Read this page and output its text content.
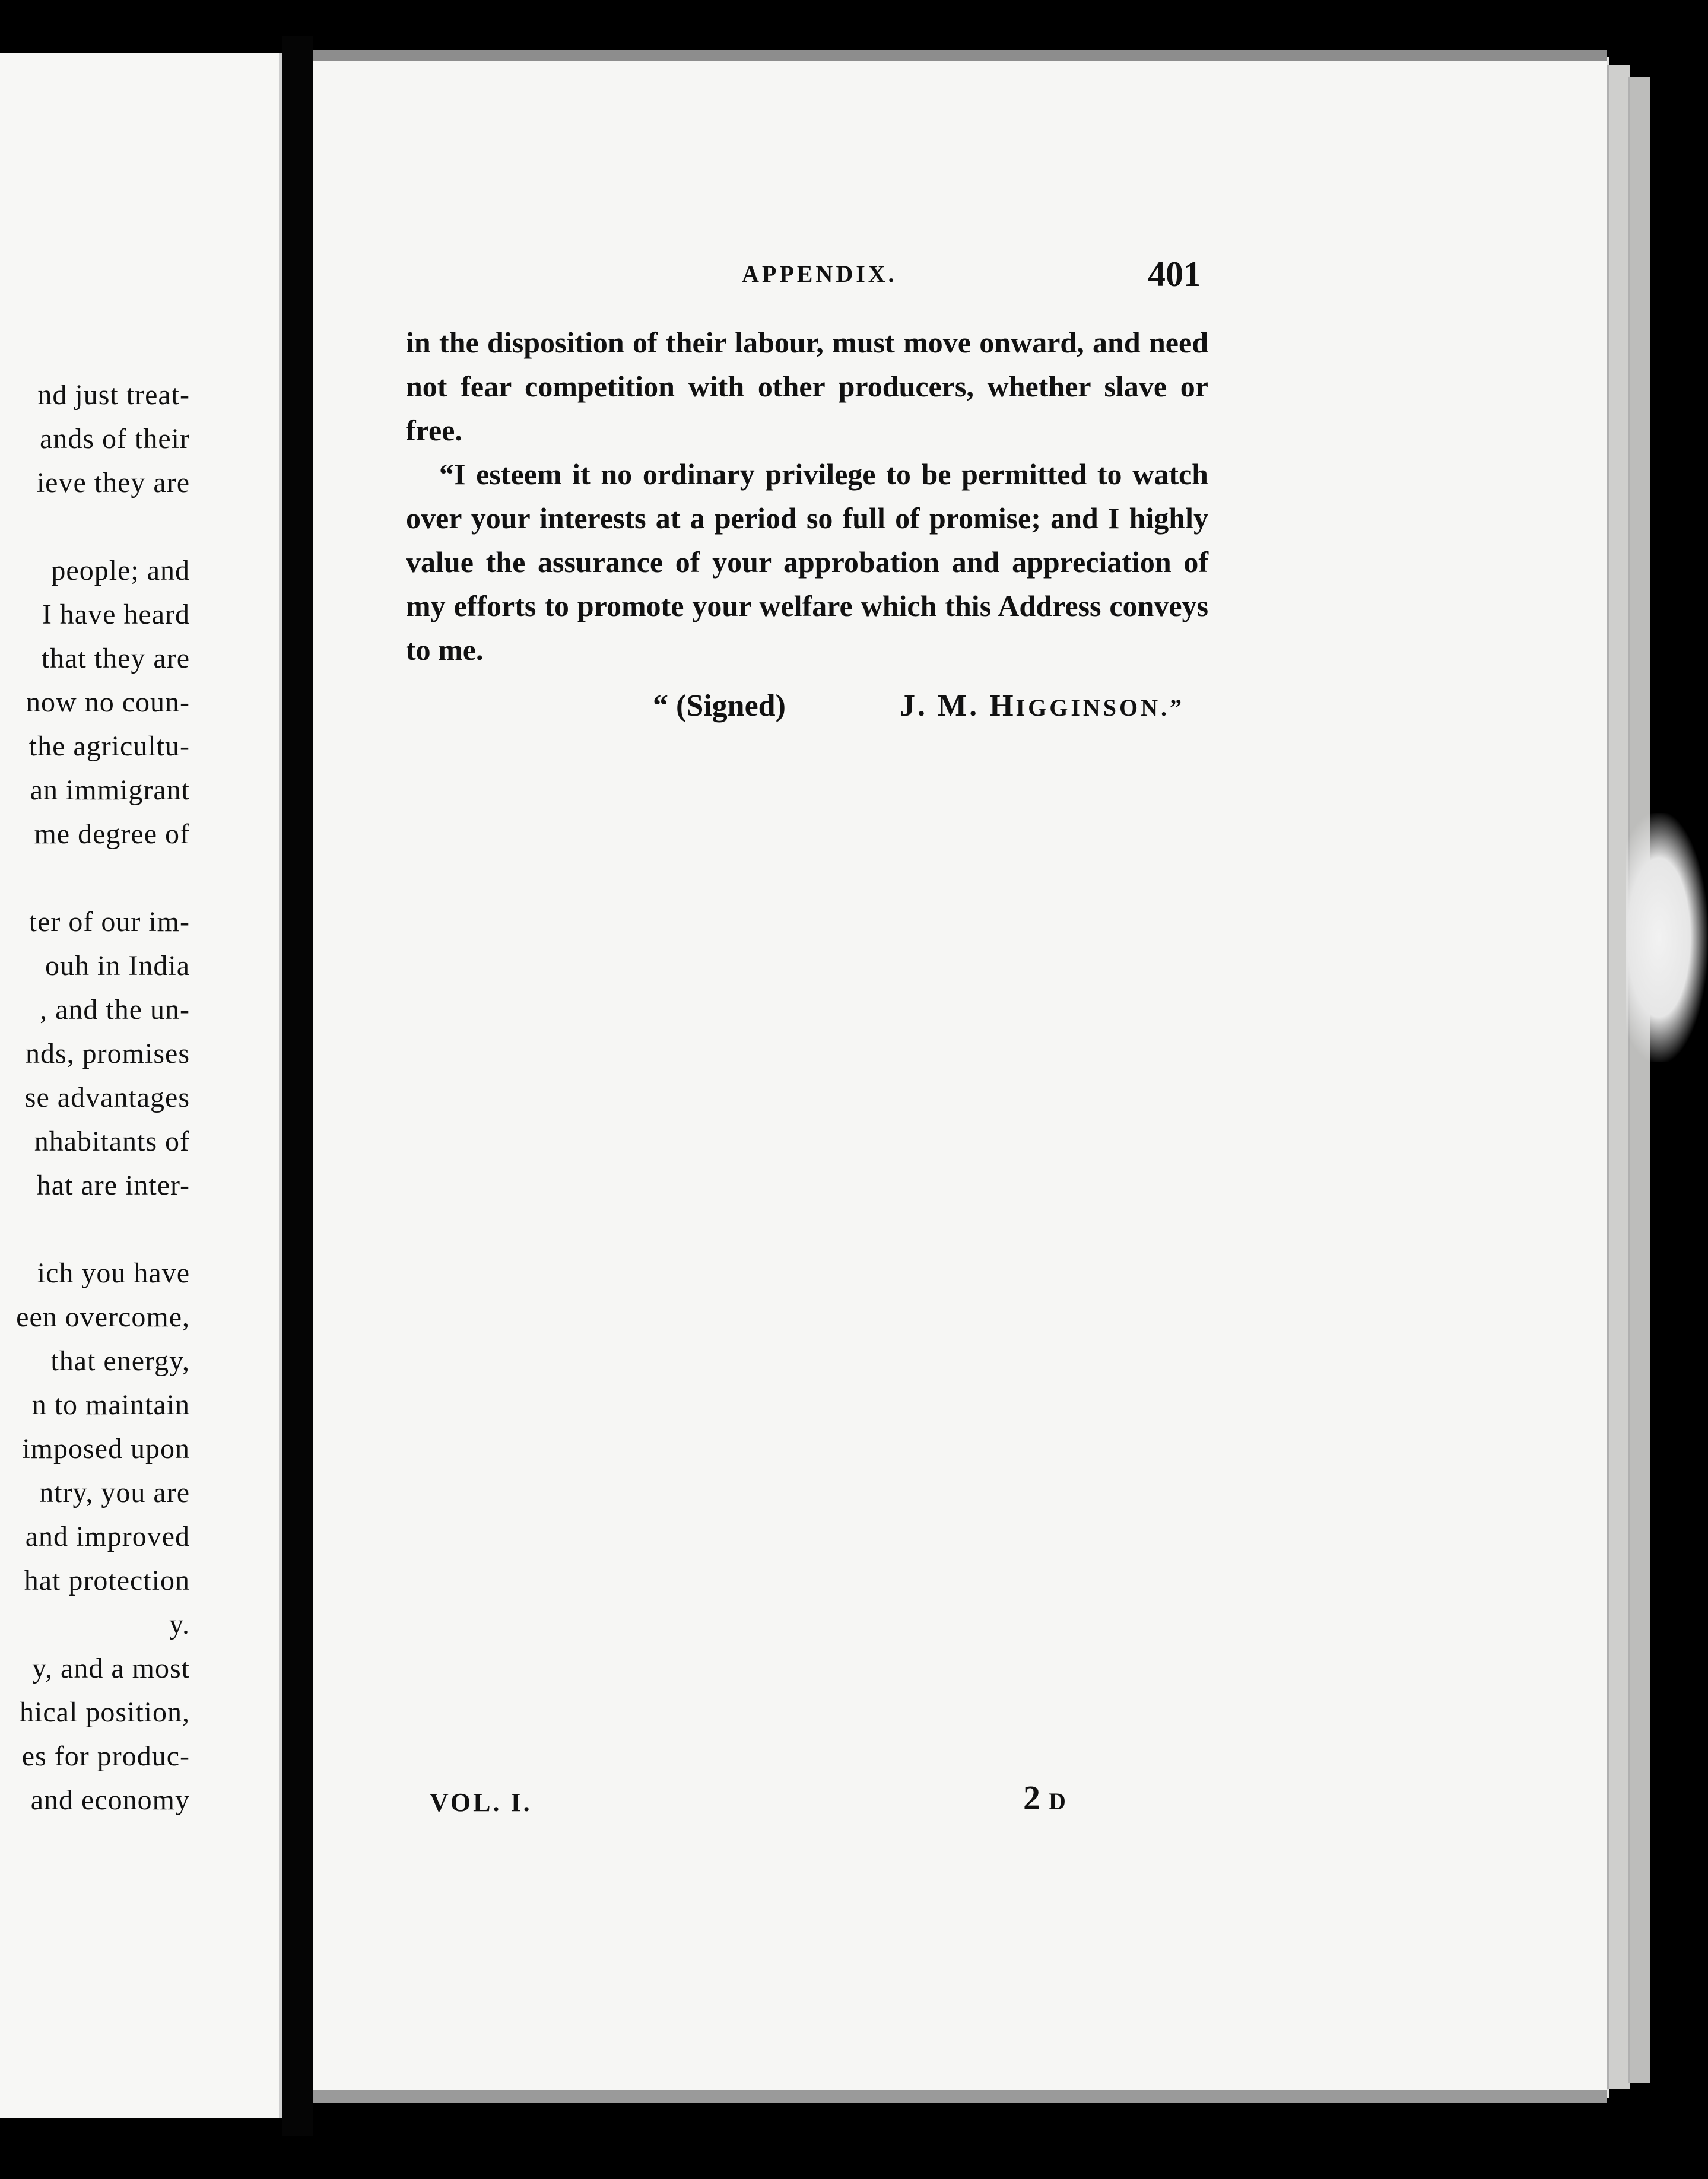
nd just treat-
ands of their
ieve they are
people; and
I have heard
that they are
now no coun-
the agricultu-
an immigrant
me degree of
ter of our im-
ouh in India
, and the un-
nds, promises
se advantages
nhabitants of
hat are inter-
ich you have
een overcome,
that energy,
n to maintain
imposed upon
ntry, you are
and improved
hat protection
y.
y, and a most
hical position,
es for produc-
and economy
APPENDIX.	401

in the disposition of their labour, must move onward, and need not fear competition with other producers, whether slave or free.

“I esteem it no ordinary privilege to be permitted to watch over your interests at a period so full of promise; and I highly value the assurance of your approbation and appreciation of my efforts to promote your welfare which this Address conveys to me.

“ (Signed)	J. M. HIGGINSON.”
VOL. I.	2 D
